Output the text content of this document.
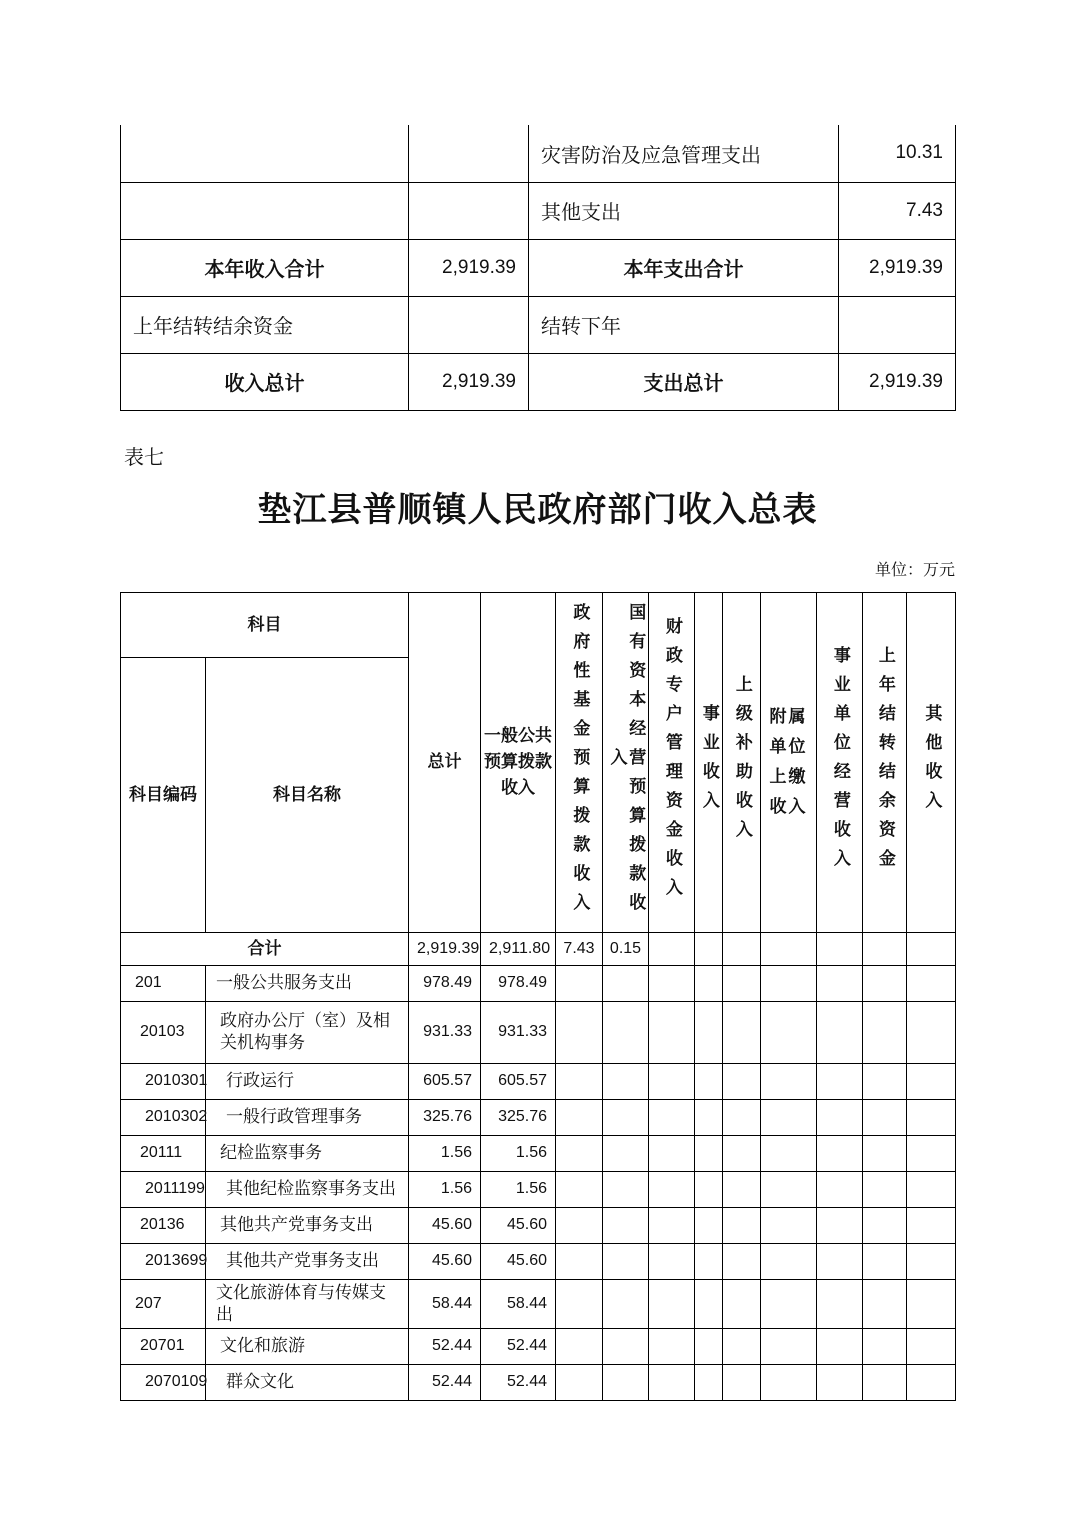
		灾害防治及应急管理支出	10.31
		其他支出	7.43
本年收入合计	2,919.39	本年支出合计	2,919.39
上年结转结余资金		结转下年	
收入总计	2,919.39	支出总计	2,919.39
表七
垫江县普顺镇人民政府部门收入总表
单位：万元
科目		总计	一般公共预算拨款收入	政府性基金预算拨款收入	国有资本经营预算拨款收入	财政专户管理资金收入	事业收入	上级补助收入	附属单位上缴收入	事业单位经营收入	上年结转结余资金	其他收入

科目编码	科目名称											
合计		2,919.39	2,911.80	7.43	0.15							
201	一般公共服务支出	978.49	978.49									
20103	政府办公厅（室）及相关机构事务	931.33	931.33									
2010301	行政运行	605.57	605.57									
2010302	一般行政管理事务	325.76	325.76									
20111	纪检监察事务	1.56	1.56									
2011199	其他纪检监察事务支出	1.56	1.56									
20136	其他共产党事务支出	45.60	45.60									
2013699	其他共产党事务支出	45.60	45.60									
207	文化旅游体育与传媒支出	58.44	58.44									
20701	文化和旅游	52.44	52.44									
2070109	群众文化	52.44	52.44									
